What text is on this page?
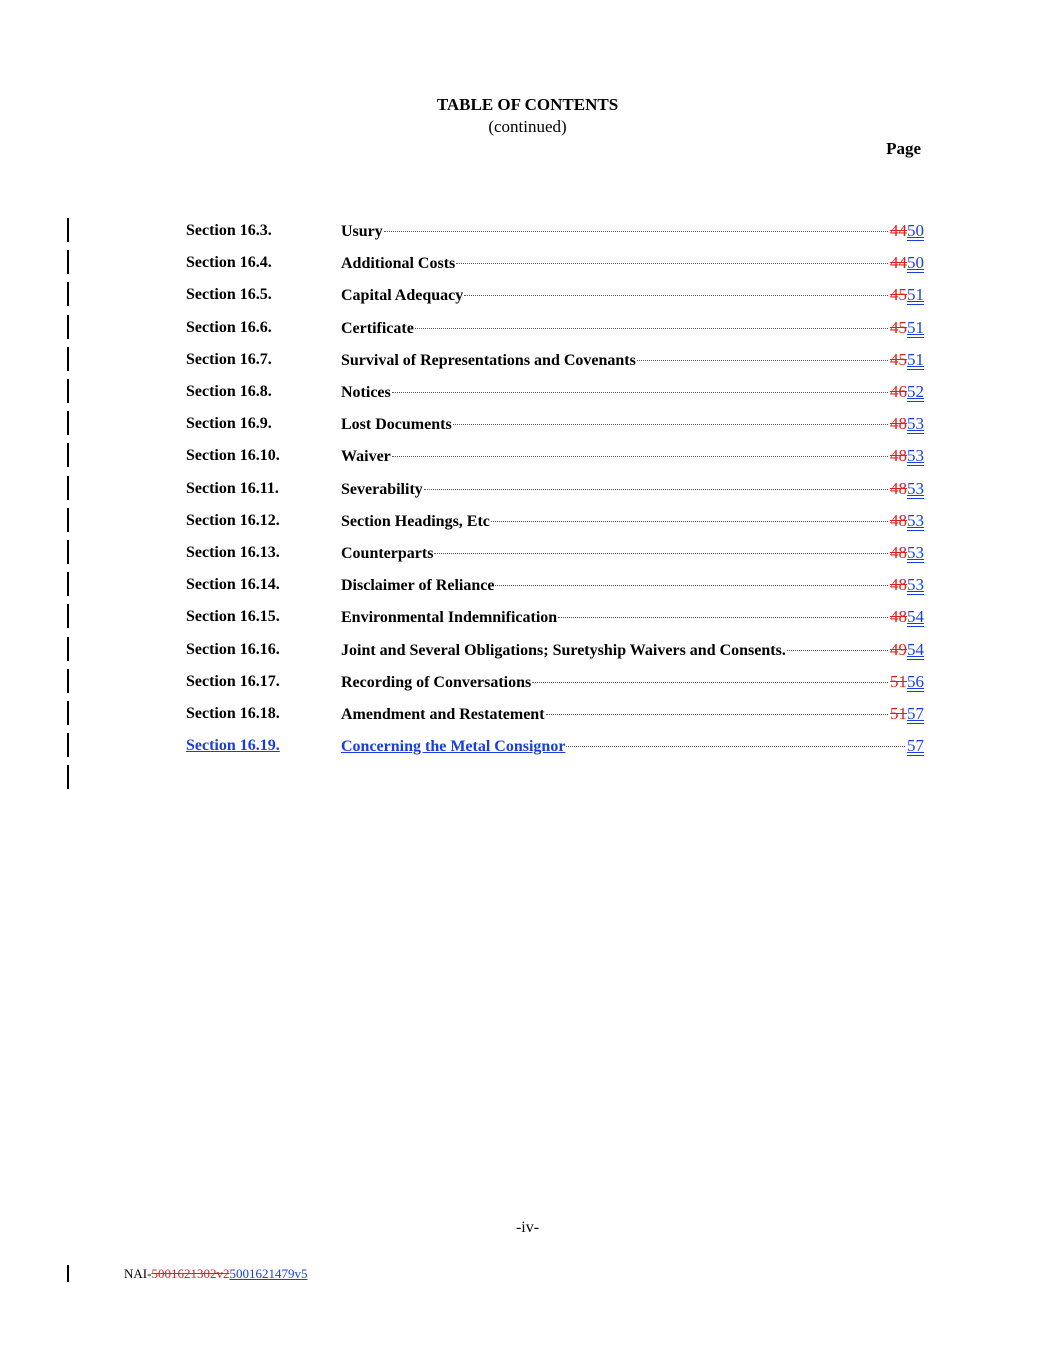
TABLE OF CONTENTS
(continued)
Page
Section 16.3.	Usury	4450
Section 16.4.	Additional Costs	4450
Section 16.5.	Capital Adequacy	4551
Section 16.6.	Certificate	4551
Section 16.7.	Survival of Representations and Covenants	4551
Section 16.8.	Notices	4652
Section 16.9.	Lost Documents	4853
Section 16.10.	Waiver	4853
Section 16.11.	Severability	4853
Section 16.12.	Section Headings, Etc	4853
Section 16.13.	Counterparts	4853
Section 16.14.	Disclaimer of Reliance	4853
Section 16.15.	Environmental Indemnification	4854
Section 16.16.	Joint and Several Obligations; Suretyship Waivers and Consents.	4954
Section 16.17.	Recording of Conversations	5156
Section 16.18.	Amendment and Restatement	5157
Section 16.19.	Concerning the Metal Consignor	57
-iv-
NAI-5001621302v25001621479v5
